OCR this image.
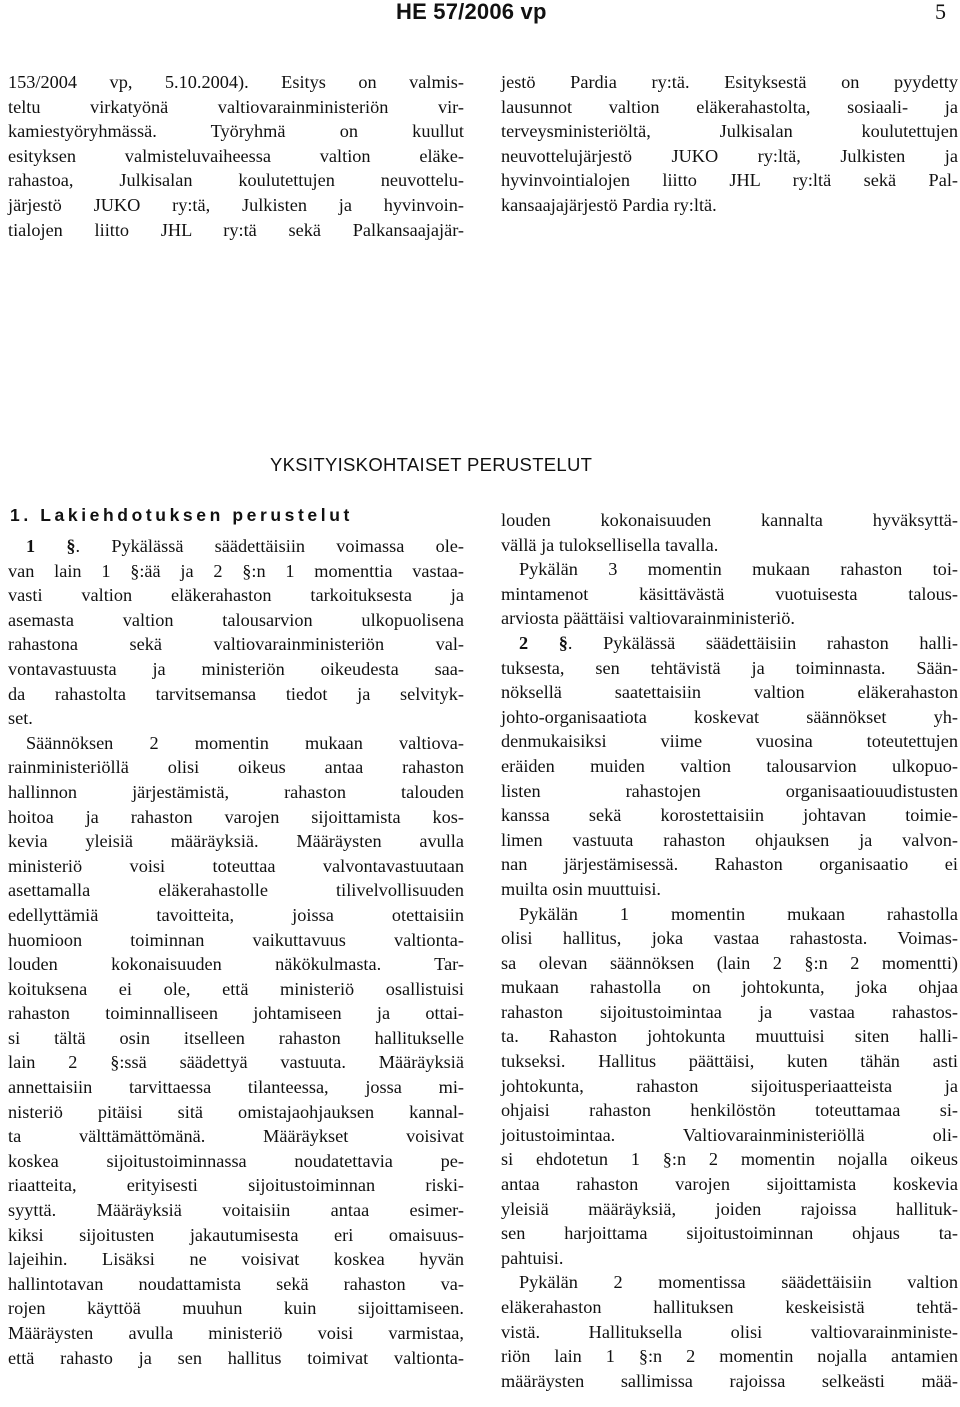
HE 57/2006 vp	5
153/2004 vp, 5.10.2004). Esitys on valmis-
teltu virkatyönä valtiovarainministeriön vir-
kamiestyöryhmässä. Työryhmä on kuullut
esityksen valmisteluvaiheessa valtion eläke-
rahastoa, Julkisalan koulutettujen neuvottelu-
järjestö JUKO ry:tä, Julkisten ja hyvinvoin-
tialojen liitto JHL ry:tä sekä Palkansaajajär-
jestö Pardia ry:tä. Esityksestä on pyydetty
lausunnot valtion eläkerahastolta, sosiaali- ja
terveysministeriöltä, Julkisalan koulutettujen
neuvottelujärjestö JUKO ry:ltä, Julkisten ja
hyvinvointialojen liitto JHL ry:ltä sekä Pal-
kansaajajärjestö Pardia ry:ltä.
YKSITYISKOHTAISET PERUSTELUT
1. Lakiehdotuksen perustelut
1 §. Pykälässä säädettäisiin voimassa ole-
van lain 1 §:ää ja 2 §:n 1 momenttia vastaa-
vasti valtion eläkerahaston tarkoituksesta ja
asemasta valtion talousarvion ulkopuolisena
rahastona sekä valtiovarainministeriön val-
vontavastuusta ja ministeriön oikeudesta saa-
da rahastolta tarvitsemansa tiedot ja selvityk-
set.
Säännöksen 2 momentin mukaan valtiova-
rainministeriöllä olisi oikeus antaa rahaston
hallinnon järjestämistä, rahaston talouden
hoitoa ja rahaston varojen sijoittamista kos-
kevia yleisiä määräyksiä. Määräysten avulla
ministeriö voisi toteuttaa valvontavastuutaan
asettamalla eläkerahastolle tilivelvollisuuden
edellyttämiä tavoitteita, joissa otettaisiin
huomioon toiminnan vaikuttavuus valtionta-
louden kokonaisuuden näkökulmasta. Tar-
koituksena ei ole, että ministeriö osallistuisi
rahaston toiminnalliseen johtamiseen ja ottai-
si tältä osin itselleen rahaston hallitukselle
lain 2 §:ssä säädettyä vastuuta. Määräyksiä
annettaisiin tarvittaessa tilanteessa, jossa mi-
nisteriö pitäisi sitä omistajaohjauksen kannal-
ta välttämättömänä. Määräykset voisivat
koskea sijoitustoiminnassa noudatettavia pe-
riaatteita, erityisesti sijoitustoiminnan riski-
syyttä. Määräyksiä voitaisiin antaa esimer-
kiksi sijoitusten jakautumisesta eri omaisuus-
lajeihin. Lisäksi ne voisivat koskea hyvän
hallintotavan noudattamista sekä rahaston va-
rojen käyttöä muuhun kuin sijoittamiseen.
Määräysten avulla ministeriö voisi varmistaa,
että rahasto ja sen hallitus toimivat valtionta-
louden kokonaisuuden kannalta hyväksyttä-
vällä ja tuloksellisella tavalla.
Pykälän 3 momentin mukaan rahaston toi-
mintamenot käsittävästä vuotuisesta talous-
arviosta päättäisi valtiovarainministeriö.
2 §. Pykälässä säädettäisiin rahaston halli-
tuksesta, sen tehtävistä ja toiminnasta. Sään-
nöksellä saatettaisiin valtion eläkerahaston
johto-organisaatiota koskevat säännökset yh-
denmukaisiksi viime vuosina toteutettujen
eräiden muiden valtion talousarvion ulkopuo-
listen rahastojen organisaatiouudistusten
kanssa sekä korostettaisiin johtavan toimie-
limen vastuuta rahaston ohjauksen ja valvon-
nan järjestämisessä. Rahaston organisaatio ei
muilta osin muuttuisi.
Pykälän 1 momentin mukaan rahastolla
olisi hallitus, joka vastaa rahastosta. Voimas-
sa olevan säännöksen (lain 2 §:n 2 momentti)
mukaan rahastolla on johtokunta, joka ohjaa
rahaston sijoitustoimintaa ja vastaa rahastos-
ta. Rahaston johtokunta muuttuisi siten halli-
tukseksi. Hallitus päättäisi, kuten tähän asti
johtokunta, rahaston sijoitusperiaatteista ja
ohjaisi rahaston henkilöstön toteuttamaa si-
joitustoimintaa. Valtiovarainministeriöllä oli-
si ehdotetun 1 §:n 2 momentin nojalla oikeus
antaa rahaston varojen sijoittamista koskevia
yleisiä määräyksiä, joiden rajoissa hallituk-
sen harjoittama sijoitustoiminnan ohjaus ta-
pahtuisi.
Pykälän 2 momentissa säädettäisiin valtion
eläkerahaston hallituksen keskeisistä tehtä-
vistä. Hallituksella olisi valtiovarainministe-
riön lain 1 §:n 2 momentin nojalla antamien
määräysten sallimissa rajoissa selkeästi mää-
